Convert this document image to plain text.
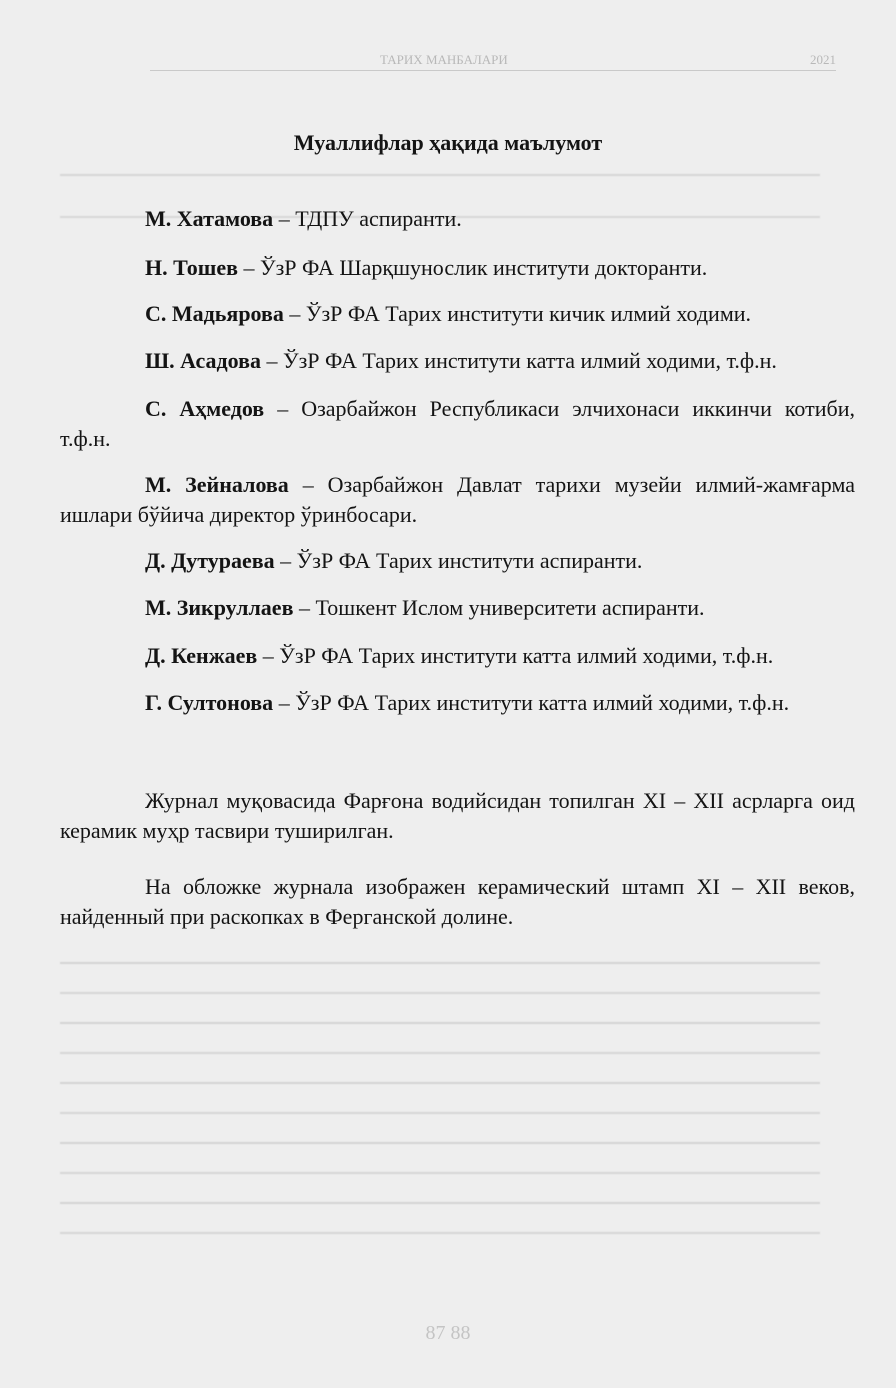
ТАРИХ МАНБАЛАРИ	2021
Муаллифлар ҳақида маълумот

М. Хатамова – ТДПУ аспиранти.

Н. Тошев – ЎзР ФА Шарқшунослик институти докторанти.

С. Мадьярова – ЎзР ФА Тарих институти кичик илмий ходими.

Ш. Асадова – ЎзР ФА Тарих институти катта илмий ходими, т.ф.н.

С. Аҳмедов – Озарбайжон Республикаси элчихонаси иккинчи котиби, т.ф.н.

М. Зейналова – Озарбайжон Давлат тарихи музейи илмий-жамғарма ишлари бўйича директор ўринбосари.

Д. Дутураева – ЎзР ФА Тарих институти аспиранти.

М. Зикруллаев – Тошкент Ислом университети аспиранти.

Д. Кенжаев – ЎзР ФА Тарих институти катта илмий ходими, т.ф.н.

Г. Султонова – ЎзР ФА Тарих институти катта илмий ходими, т.ф.н.

Журнал муқовасида Фарғона водийсидан топилган XI – XII асрларга оид керамик муҳр тасвири туширилган.

На обложке журнала изображен керамический штамп XI – XII веков, найденный при раскопках в Ферганской долине.

87 88
